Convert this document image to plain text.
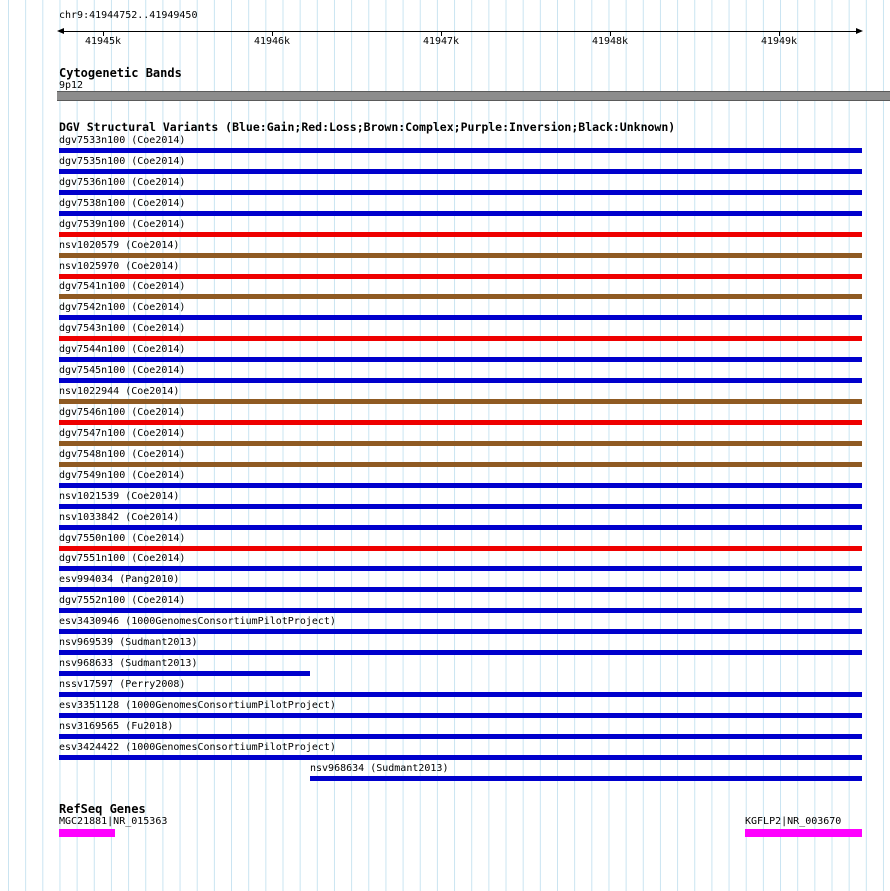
chr9:41944752..41949450
41945k	41946k	41947k	41948k	41949k
Cytogenetic Bands
9p12
DGV Structural Variants (Blue:Gain;Red:Loss;Brown:Complex;Purple:Inversion;Black:Unknown)
dgv7533n100 (Coe2014)
dgv7535n100 (Coe2014)
dgv7536n100 (Coe2014)
dgv7538n100 (Coe2014)
dgv7539n100 (Coe2014)
nsv1020579 (Coe2014)
nsv1025970 (Coe2014)
dgv7541n100 (Coe2014)
dgv7542n100 (Coe2014)
dgv7543n100 (Coe2014)
dgv7544n100 (Coe2014)
dgv7545n100 (Coe2014)
nsv1022944 (Coe2014)
dgv7546n100 (Coe2014)
dgv7547n100 (Coe2014)
dgv7548n100 (Coe2014)
dgv7549n100 (Coe2014)
nsv1021539 (Coe2014)
nsv1033842 (Coe2014)
dgv7550n100 (Coe2014)
dgv7551n100 (Coe2014)
esv994034 (Pang2010)
dgv7552n100 (Coe2014)
esv3430946 (1000GenomesConsortiumPilotProject)
nsv969539 (Sudmant2013)
nsv968633 (Sudmant2013)
nssv17597 (Perry2008)
esv3351128 (1000GenomesConsortiumPilotProject)
nsv3169565 (Fu2018)
esv3424422 (1000GenomesConsortiumPilotProject)
nsv968634 (Sudmant2013)
RefSeq Genes
MGC21881|NR_015363	KGFLP2|NR_003670
